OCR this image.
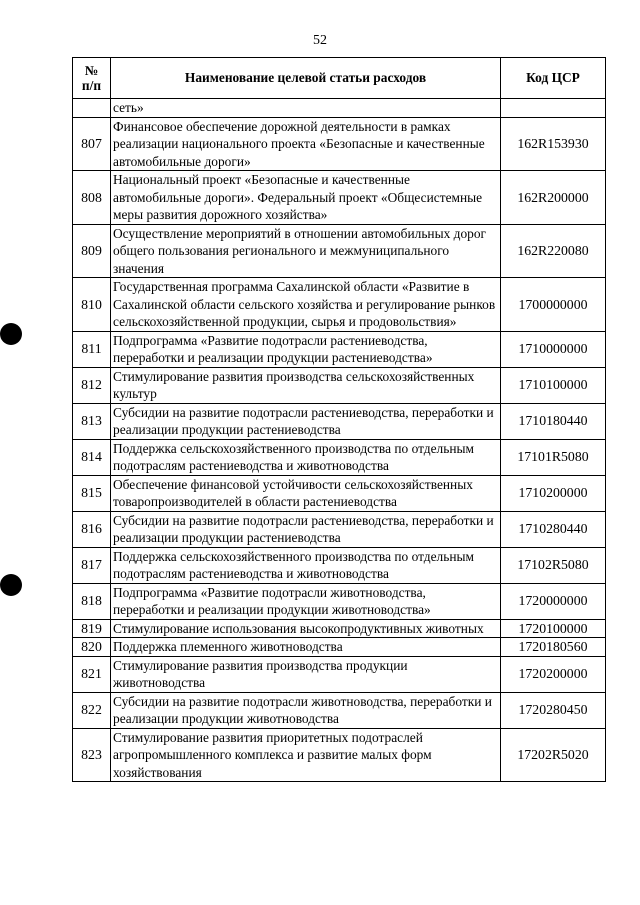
52
№
п/п	Наименование целевой статьи расходов	Код ЦСР
	сеть»	
807	Финансовое обеспечение дорожной деятельности в рамках реализации национального проекта «Безопасные и качественные автомобильные дороги»	162R153930
808	Национальный проект «Безопасные и качественные автомобильные дороги». Федеральный проект «Общесистемные меры развития дорожного хозяйства»	162R200000
809	Осуществление мероприятий в отношении автомобильных дорог общего пользования регионального и межмуниципального значения	162R220080
810	Государственная программа Сахалинской области «Развитие в Сахалинской области сельского хозяйства и регулирование рынков сельскохозяйственной продукции, сырья и продовольствия»	1700000000
811	Подпрограмма «Развитие подотрасли растениеводства, переработки и реализации продукции растениеводства»	1710000000
812	Стимулирование развития производства сельскохозяйственных культур	1710100000
813	Субсидии на развитие подотрасли растениеводства, переработки и реализации продукции растениеводства	1710180440
814	Поддержка сельскохозяйственного производства по отдельным подотраслям растениеводства и животноводства	17101R5080
815	Обеспечение финансовой устойчивости сельскохозяйственных товаропроизводителей в области растениеводства	1710200000
816	Субсидии на развитие подотрасли растениеводства, переработки и реализации продукции растениеводства	1710280440
817	Поддержка сельскохозяйственного производства по отдельным подотраслям растениеводства и животноводства	17102R5080
818	Подпрограмма «Развитие подотрасли животноводства, переработки и реализации продукции животноводства»	1720000000
819	Стимулирование использования высокопродуктивных животных	1720100000
820	Поддержка племенного животноводства	1720180560
821	Стимулирование развития производства продукции животноводства	1720200000
822	Субсидии на развитие подотрасли животноводства, переработки и реализации продукции животноводства	1720280450
823	Стимулирование развития приоритетных подотраслей агропромышленного комплекса и развитие малых форм хозяйствования	17202R5020
